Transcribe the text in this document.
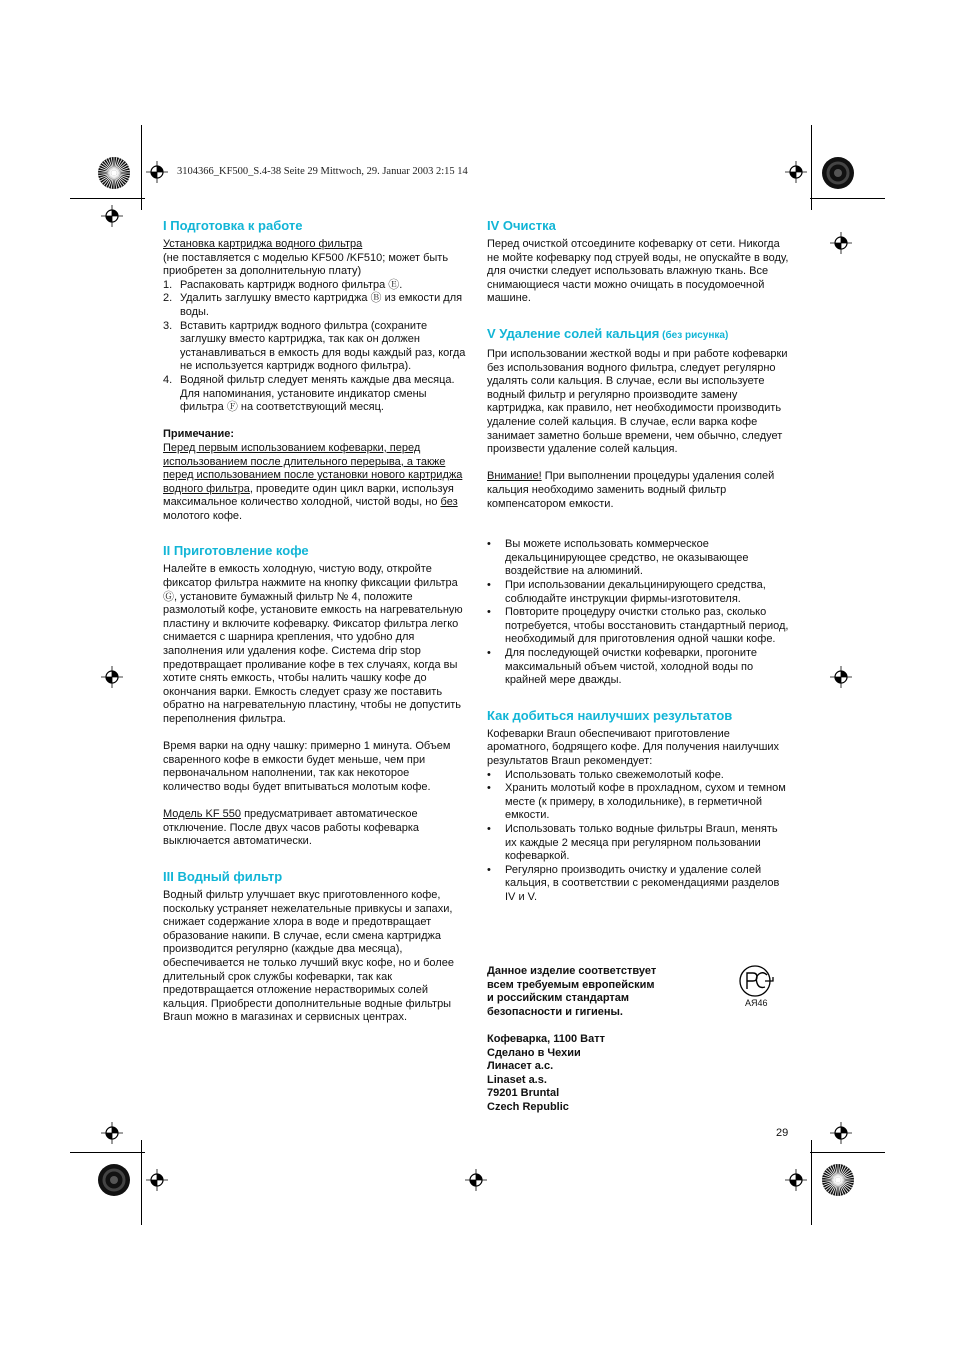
3104366_KF500_S.4-38 Seite 29 Mittwoch, 29. Januar 2003 2:15 14
I Подготовка к работе

Установка картриджа водного фильтра

(не поставляется с моделью KF500 /KF510; может быть приобретен за дополнительную плату)

1. Распаковать картридж водного фильтра Ⓔ.
2. Удалить заглушку вместо картриджа Ⓑ из емкости для воды.
3. Вставить картридж водного фильтра (сохраните заглушку вместо картриджа, так как он должен устанавливаться в емкость для воды каждый раз, когда не используется картридж водного фильтра).
4. Водяной фильтр следует менять каждые два месяца. Для напоминания, установите индикатор смены фильтра Ⓕ на соответствующий месяц.

Примечание:

Перед первым использованием кофеварки, перед использованием после длительного перерыва, а также перед использованием после установки нового картриджа водного фильтра, проведите один цикл варки, используя максимальное количество холодной, чистой воды, но без молотого кофе.

II Приготовление кофе

Налейте в емкость холодную, чистую воду, откройте фиксатор фильтра нажмите на кнопку фиксации фильтра Ⓖ, установите бумажный фильтр № 4, положите размолотый кофе, установите емкость на нагревательную пластину и включите кофеварку. Фиксатор фильтра легко снимается с шарнира крепления, что удобно для заполнения или удаления кофе. Система drip stop предотвращает проливание кофе в тех случаях, когда вы хотите снять емкость, чтобы налить чашку кофе до окончания варки. Емкость следует сразу же поставить обратно на нагревательную пластину, чтобы не допустить переполнения фильтра.

Время варки на одну чашку: примерно 1 минута. Объем сваренного кофе в емкости будет меньше, чем при первоначальном наполнении, так как некоторое количество воды будет впитываться молотым кофе.

Модель KF 550 предусматривает автоматическое отключение. После двух часов работы кофеварка выключается автоматически.

III Водный фильтр

Водный фильтр улучшает вкус приготовленного кофе, поскольку устраняет нежелательные привкусы и запахи, снижает содержание хлора в воде и предотвращает образование накипи. В случае, если смена картриджа производится регулярно (каждые два месяца), обеспечивается не только лучший вкус кофе, но и более длительный срок службы кофеварки, так как предотвращается отложение нерастворимых солей кальция. Приобрести дополнительные водные фильтры Braun можно в магазинах и сервисных центрах.

IV Очистка

Перед очисткой отсоедините кофеварку от сети. Никогда не мойте кофеварку под струей воды, не опускайте в воду, для очистки следует использовать влажную ткань. Все снимающиеся части можно очищать в посудомоечной машине.

V Удаление солей кальция (без рисунка)

При использовании жесткой воды и при работе кофеварки без использования водного фильтра, следует регулярно удалять соли кальция. В случае, если вы используете водный фильтр и регулярно производите замену картриджа, как правило, нет необходимости производить удаление солей кальция. В случае, если варка кофе занимает заметно больше времени, чем обычно, следует произвести удаление солей кальция.

Внимание! При выполнении процедуры удаления солей кальция необходимо заменить водный фильтр компенсатором емкости.

• Вы можете использовать коммерческое декальцинирующее средство, не оказывающее воздействие на алюминий.
• При использовании декальцинирующего средства, соблюдайте инструкции фирмы-изготовителя.
• Повторите процедуру очистки столько раз, сколько потребуется, чтобы восстановить стандартный период, необходимый для приготовления одной чашки кофе.
• Для последующей очистки кофеварки, прогоните максимальный объем чистой, холодной воды по крайней мере дважды.
Как добиться наилучших результатов

Кофеварки Braun обеспечивают приготовление ароматного, бодрящего кофе. Для получения наилучших результатов Braun рекомендует:

• Использовать только свежемолотый кофе.
• Хранить молотый кофе в прохладном, сухом и темном месте (к примеру, в холодильнике), в герметичной емкости.
• Использовать только водные фильтры Braun, менять их каждые 2 месяца при регулярном пользовании кофеваркой.
• Регулярно производить очистку и удаление солей кальция, в соответствии с рекомендациями разделов IV и V.

Данное изделие соответствует

всем требуемым европейским

и российским стандартам

безопасности и гигиены.

АЯ46

Кофеварка, 1100 Ватт

Сделано в Чехии

Линасет а.с.

Linaset a.s.

79201 Bruntal

Czech Republic

29
